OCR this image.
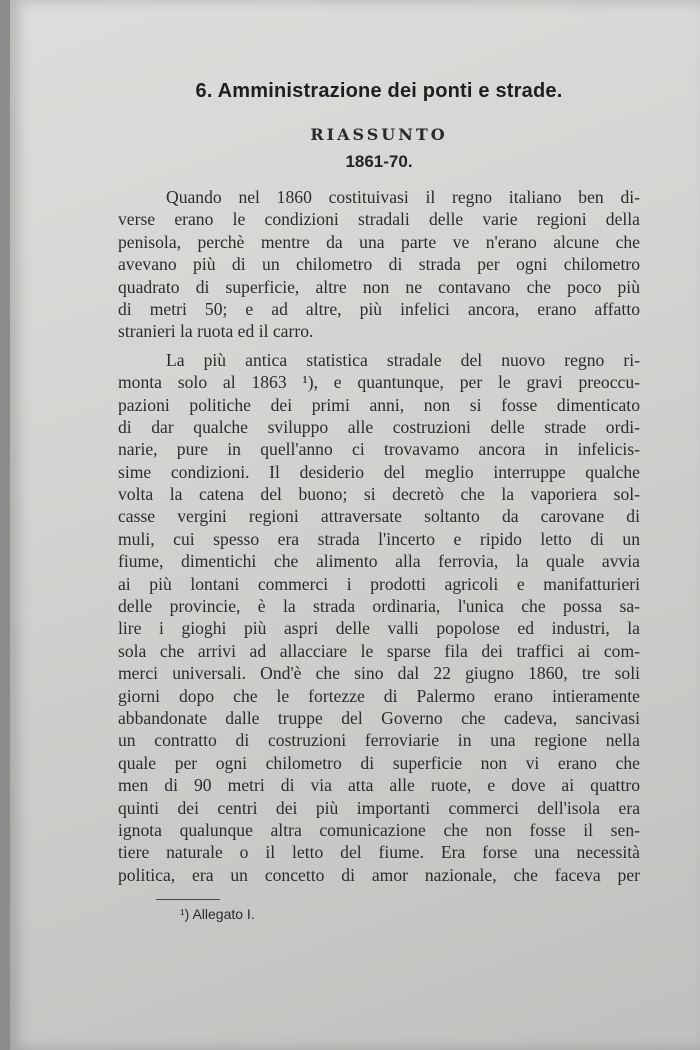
6. Amministrazione dei ponti e strade.
RIASSUNTO
1861-70.
Quando nel 1860 costituivasi il regno italiano ben di-
verse erano le condizioni stradali delle varie regioni della
penisola, perchè mentre da una parte ve n'erano alcune che
avevano più di un chilometro di strada per ogni chilometro
quadrato di superficie, altre non ne contavano che poco più
di metri 50; e ad altre, più infelici ancora, erano affatto
stranieri la ruota ed il carro.
La più antica statistica stradale del nuovo regno ri-
monta solo al 1863 ¹), e quantunque, per le gravi preoccu-
pazioni politiche dei primi anni, non si fosse dimenticato
di dar qualche sviluppo alle costruzioni delle strade ordi-
narie, pure in quell'anno ci trovavamo ancora in infelicis-
sime condizioni. Il desiderio del meglio interruppe qualche
volta la catena del buono; si decretò che la vaporiera sol-
casse vergini regioni attraversate soltanto da carovane di
muli, cui spesso era strada l'incerto e ripido letto di un
fiume, dimentichi che alimento alla ferrovia, la quale avvia
ai più lontani commerci i prodotti agricoli e manifatturieri
delle provincie, è la strada ordinaria, l'unica che possa sa-
lire i gioghi più aspri delle valli popolose ed industri, la
sola che arrivi ad allacciare le sparse fila dei traffici ai com-
merci universali. Ond'è che sino dal 22 giugno 1860, tre soli
giorni dopo che le fortezze di Palermo erano intieramente
abbandonate dalle truppe del Governo che cadeva, sancivasi
un contratto di costruzioni ferroviarie in una regione nella
quale per ogni chilometro di superficie non vi erano che
men di 90 metri di via atta alle ruote, e dove ai quattro
quinti dei centri dei più importanti commerci dell'isola era
ignota qualunque altra comunicazione che non fosse il sen-
tiere naturale o il letto del fiume. Era forse una necessità
politica, era un concetto di amor nazionale, che faceva per
¹) Allegato I.
